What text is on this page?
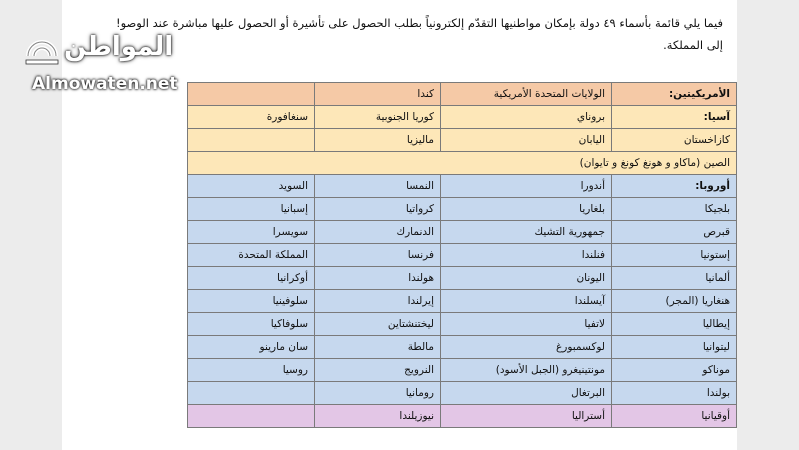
فيما يلي قائمة بأسماء ٤٩ دولة بإمكان مواطنيها التقدّم إلكترونياً بطلب الحصول على تأشيرة أو الحصول عليها مباشرة عند الوصو!
إلى المملكة.
الأمريكيتين:	الولايات المتحدة الأمريكية	كندا	
آسيا:	بروناي	كوريا الجنوبية	سنغافورة
كازاخستان	اليابان	ماليزيا	
الصين (ماكاو و هونغ كونغ و تايوان)			
أوروبا:	أندورا	النمسا	السويد
بلجيكا	بلغاريا	كرواتيا	إسبانيا
قبرص	جمهورية التشيك	الدنمارك	سويسرا
إستونيا	فنلندا	فرنسا	المملكة المتحدة
ألمانيا	اليونان	هولندا	أوكرانيا
هنغاريا (المجر)	آيسلندا	إيرلندا	سلوفينيا
إيطاليا	لاتفيا	ليختنشتاين	سلوفاكيا
ليتوانيا	لوكسمبورغ	مالطة	سان مارينو
موناكو	مونتينيغرو (الجبل الأسود)	النرويج	روسيا
بولندا	البرتغال	رومانيا	
أوقيانيا	أستراليا	نيوزيلندا	
المواطن
Almowaten.net
